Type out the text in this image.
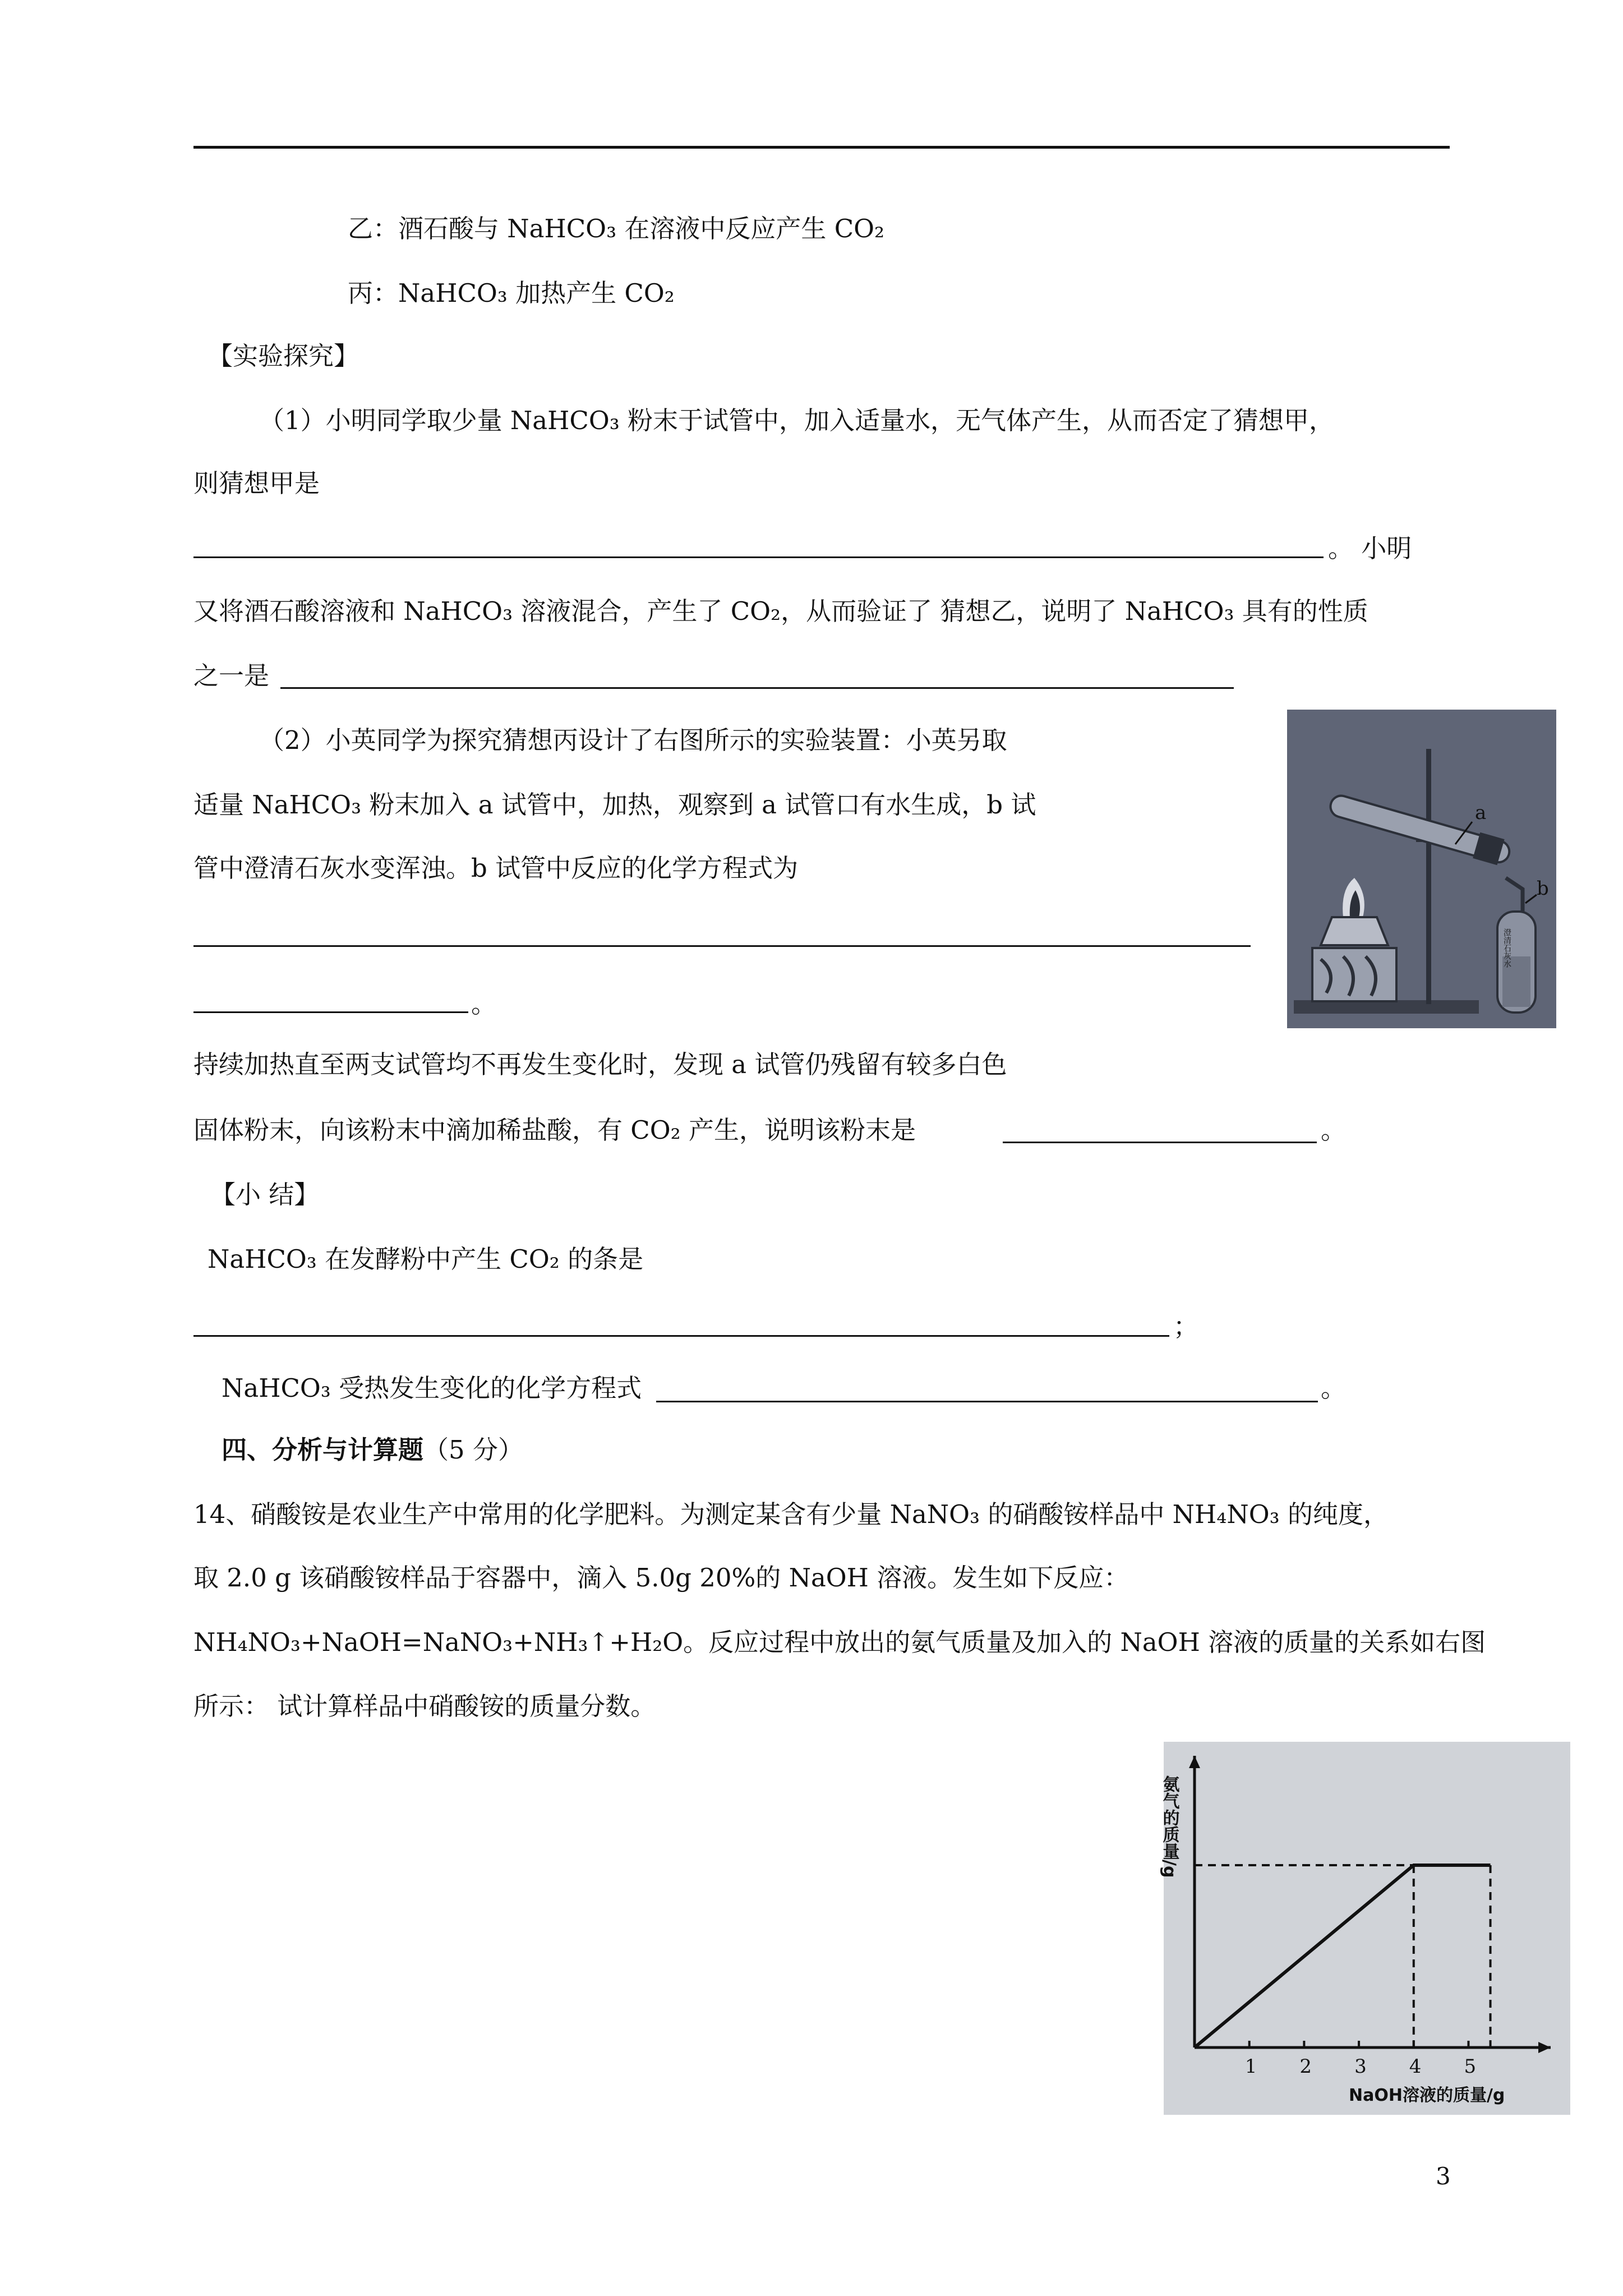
乙：酒石酸与 NaHCO₃ 在溶液中反应产生 CO₂
丙：NaHCO₃ 加热产生 CO₂
【实验探究】
（1）小明同学取少量 NaHCO₃ 粉末于试管中，加入适量水，无气体产生，从而否定了猜想甲，
则猜想甲是
。 小明
又将酒石酸溶液和 NaHCO₃ 溶液混合，产生了 CO₂，从而验证了 猜想乙，说明了 NaHCO₃ 具有的性质
之一是
（2）小英同学为探究猜想丙设计了右图所示的实验装置：小英另取
适量 NaHCO₃ 粉末加入 a 试管中，加热，观察到 a 试管口有水生成，b 试
管中澄清石灰水变浑浊。b 试管中反应的化学方程式为
。
持续加热直至两支试管均不再发生变化时，发现 a 试管仍残留有较多白色
固体粉末，向该粉末中滴加稀盐酸，有 CO₂ 产生，说明该粉末是	。
a
b
澄清石灰水
【小 结】
NaHCO₃ 在发酵粉中产生 CO₂ 的条是
；
NaHCO₃ 受热发生变化的化学方程式	。
四、分析与计算题（5 分）
14、硝酸铵是农业生产中常用的化学肥料。为测定某含有少量 NaNO₃ 的硝酸铵样品中 NH₄NO₃ 的纯度，
取 2.0 g 该硝酸铵样品于容器中，滴入 5.0g 20%的 NaOH 溶液。发生如下反应：
NH₄NO₃+NaOH=NaNO₃+NH₃↑+H₂O。反应过程中放出的氨气质量及加入的 NaOH 溶液的质量的关系如右图
所示： 试计算样品中硝酸铵的质量分数。
1 2 3 4 5
氨气的质量/g
NaOH溶液的质量/g
3
